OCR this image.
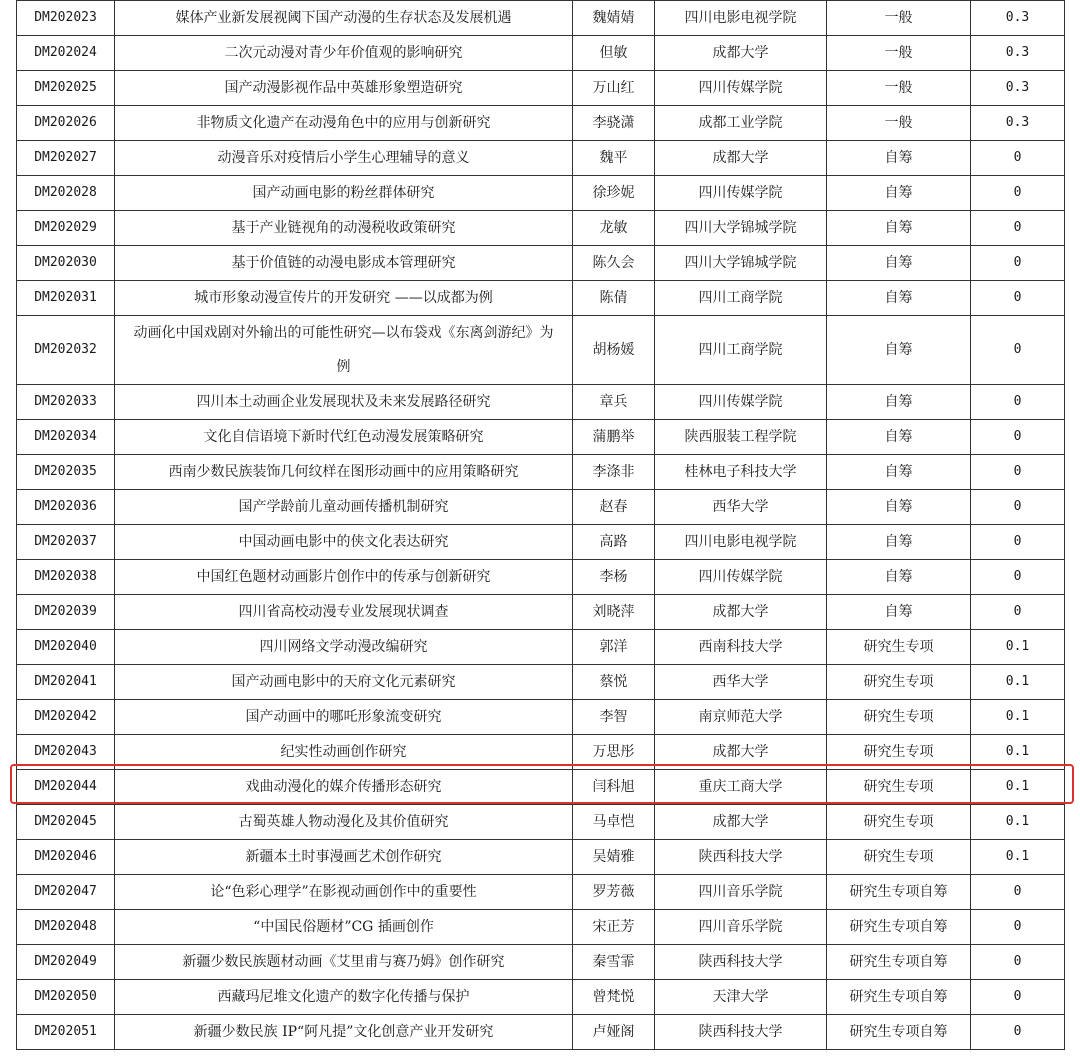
DM202023	媒体产业新发展视阈下国产动漫的生存状态及发展机遇	魏婧婧	四川电影电视学院	一般	0.3
DM202024	二次元动漫对青少年价值观的影响研究	但敏	成都大学	一般	0.3
DM202025	国产动漫影视作品中英雄形象塑造研究	万山红	四川传媒学院	一般	0.3
DM202026	非物质文化遗产在动漫角色中的应用与创新研究	李骁潇	成都工业学院	一般	0.3
DM202027	动漫音乐对疫情后小学生心理辅导的意义	魏平	成都大学	自筹	0
DM202028	国产动画电影的粉丝群体研究	徐珍妮	四川传媒学院	自筹	0
DM202029	基于产业链视角的动漫税收政策研究	龙敏	四川大学锦城学院	自筹	0
DM202030	基于价值链的动漫电影成本管理研究	陈久会	四川大学锦城学院	自筹	0
DM202031	城市形象动漫宣传片的开发研究 ——以成都为例	陈倩	四川工商学院	自筹	0
DM202032	动画化中国戏剧对外输出的可能性研究—以布袋戏《东离剑游纪》为例	胡杨媛	四川工商学院	自筹	0
DM202033	四川本土动画企业发展现状及未来发展路径研究	章兵	四川传媒学院	自筹	0
DM202034	文化自信语境下新时代红色动漫发展策略研究	蒲鹏举	陕西服装工程学院	自筹	0
DM202035	西南少数民族装饰几何纹样在图形动画中的应用策略研究	李涤非	桂林电子科技大学	自筹	0
DM202036	国产学龄前儿童动画传播机制研究	赵春	西华大学	自筹	0
DM202037	中国动画电影中的侠文化表达研究	高路	四川电影电视学院	自筹	0
DM202038	中国红色题材动画影片创作中的传承与创新研究	李杨	四川传媒学院	自筹	0
DM202039	四川省高校动漫专业发展现状调查	刘晓萍	成都大学	自筹	0
DM202040	四川网络文学动漫改编研究	郭洋	西南科技大学	研究生专项	0.1
DM202041	国产动画电影中的天府文化元素研究	蔡悦	西华大学	研究生专项	0.1
DM202042	国产动画中的哪吒形象流变研究	李智	南京师范大学	研究生专项	0.1
DM202043	纪实性动画创作研究	万思彤	成都大学	研究生专项	0.1
DM202044	戏曲动漫化的媒介传播形态研究	闫科旭	重庆工商大学	研究生专项	0.1
DM202045	古蜀英雄人物动漫化及其价值研究	马卓恺	成都大学	研究生专项	0.1
DM202046	新疆本土时事漫画艺术创作研究	吴婧雅	陕西科技大学	研究生专项	0.1
DM202047	论“色彩心理学”在影视动画创作中的重要性	罗芳薇	四川音乐学院	研究生专项自筹	0
DM202048	“中国民俗题材”CG 插画创作	宋正芳	四川音乐学院	研究生专项自筹	0
DM202049	新疆少数民族题材动画《艾里甫与赛乃姆》创作研究	秦雪霏	陕西科技大学	研究生专项自筹	0
DM202050	西藏玛尼堆文化遗产的数字化传播与保护	曾梵悦	天津大学	研究生专项自筹	0
DM202051	新疆少数民族 IP“阿凡提”文化创意产业开发研究	卢娅阁	陕西科技大学	研究生专项自筹	0
